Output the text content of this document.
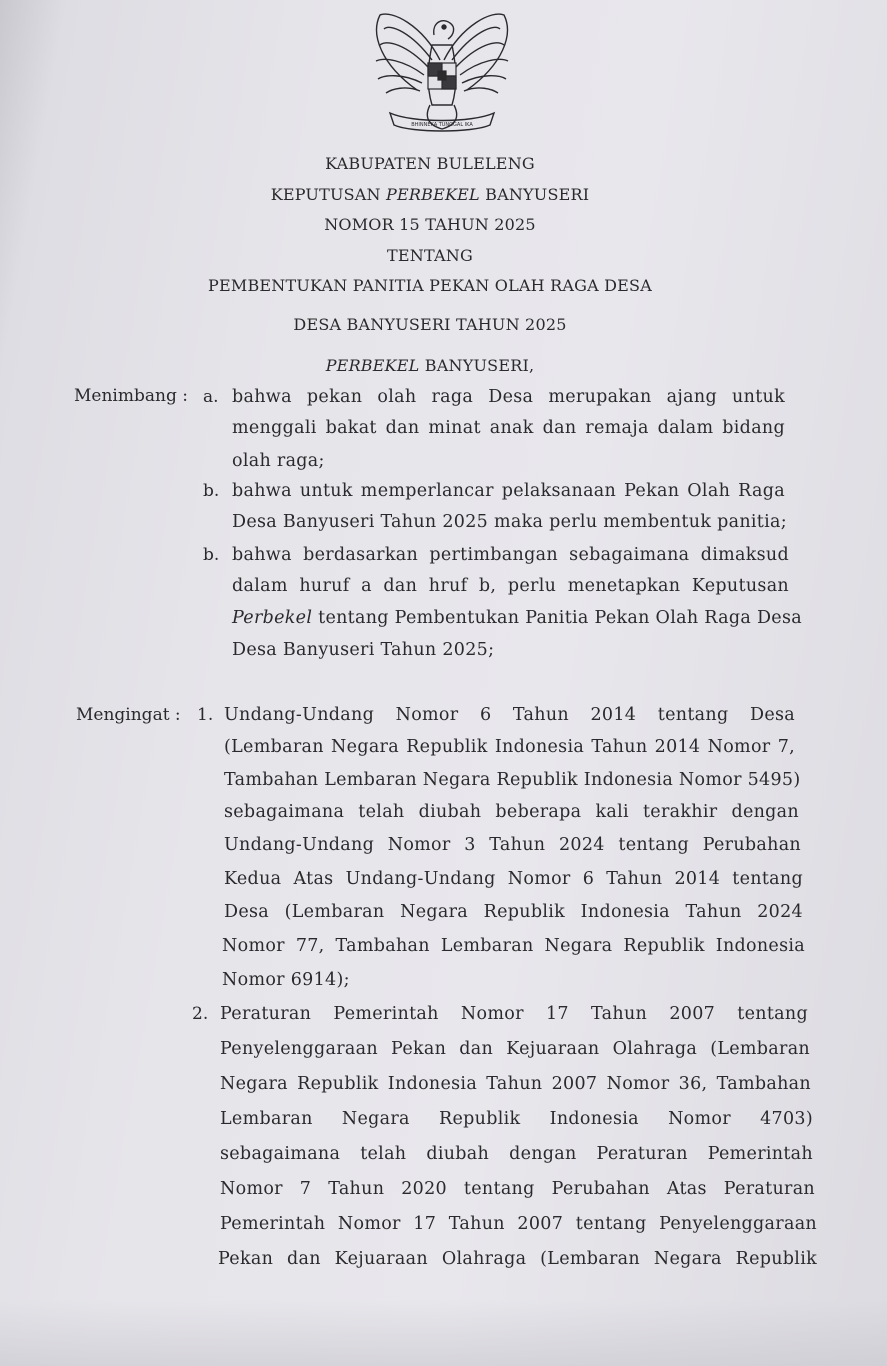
BHINNEKA TUNGGAL IKA
KABUPATEN BULELENG
KEPUTUSAN PERBEKEL BANYUSERI
NOMOR 15 TAHUN 2025
TENTANG
PEMBENTUKAN PANITIA PEKAN OLAH RAGA DESA
DESA BANYUSERI TAHUN 2025
PERBEKEL BANYUSERI,
Menimbang : a. bahwa pekan olah raga Desa merupakan ajang untuk
menggali bakat dan minat anak dan remaja dalam bidang
olah raga;
b. bahwa untuk memperlancar pelaksanaan Pekan Olah Raga
Desa Banyuseri Tahun 2025 maka perlu membentuk panitia;
b. bahwa berdasarkan pertimbangan sebagaimana dimaksud
dalam huruf a dan hruf b, perlu menetapkan Keputusan
Perbekel tentang Pembentukan Panitia Pekan Olah Raga Desa
Desa Banyuseri Tahun 2025;
Mengingat : 1. Undang-Undang Nomor 6 Tahun 2014 tentang Desa
(Lembaran Negara Republik Indonesia Tahun 2014 Nomor 7,
Tambahan Lembaran Negara Republik Indonesia Nomor 5495)
sebagaimana telah diubah beberapa kali terakhir dengan
Undang-Undang Nomor 3 Tahun 2024 tentang Perubahan
Kedua Atas Undang-Undang Nomor 6 Tahun 2014 tentang
Desa (Lembaran Negara Republik Indonesia Tahun 2024
Nomor 77, Tambahan Lembaran Negara Republik Indonesia
Nomor 6914);
2. Peraturan Pemerintah Nomor 17 Tahun 2007 tentang
Penyelenggaraan Pekan dan Kejuaraan Olahraga (Lembaran
Negara Republik Indonesia Tahun 2007 Nomor 36, Tambahan
Lembaran Negara Republik Indonesia Nomor 4703)
sebagaimana telah diubah dengan Peraturan Pemerintah
Nomor 7 Tahun 2020 tentang Perubahan Atas Peraturan
Pemerintah Nomor 17 Tahun 2007 tentang Penyelenggaraan
Pekan dan Kejuaraan Olahraga (Lembaran Negara Republik
